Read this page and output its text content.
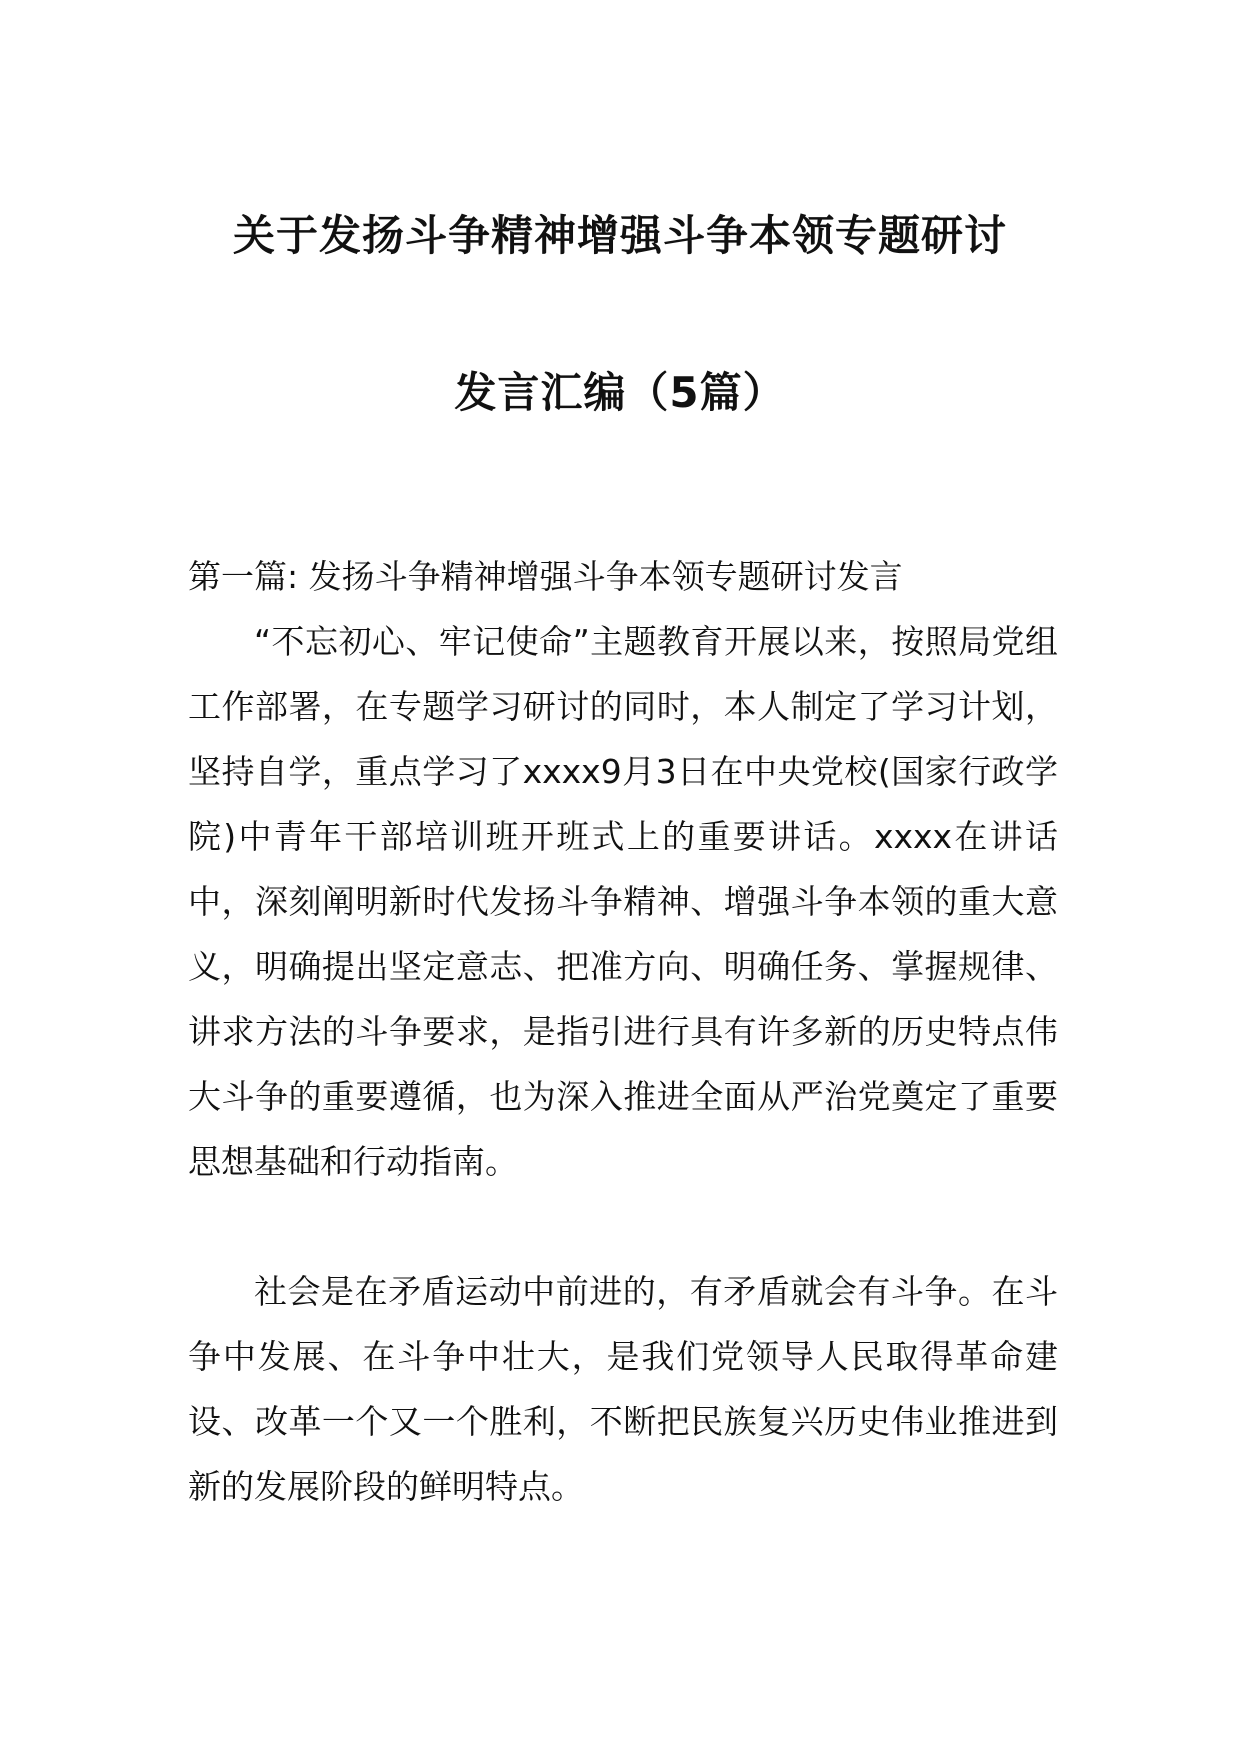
关于发扬斗争精神增强斗争本领专题研讨
发言汇编（5篇）
第一篇: 发扬斗争精神增强斗争本领专题研讨发言
“不忘初心、牢记使命”主题教育开展以来，按照局党组工作部署，在专题学习研讨的同时，本人制定了学习计划，坚持自学，重点学习了xxxx9月3日在中央党校(国家行政学院)中青年干部培训班开班式上的重要讲话。xxxx在讲话中，深刻阐明新时代发扬斗争精神、增强斗争本领的重大意义，明确提出坚定意志、把准方向、明确任务、掌握规律、讲求方法的斗争要求，是指引进行具有许多新的历史特点伟大斗争的重要遵循，也为深入推进全面从严治党奠定了重要思想基础和行动指南。
社会是在矛盾运动中前进的，有矛盾就会有斗争。在斗争中发展、在斗争中壮大，是我们党领导人民取得革命建设、改革一个又一个胜利，不断把民族复兴历史伟业推进到新的发展阶段的鲜明特点。
